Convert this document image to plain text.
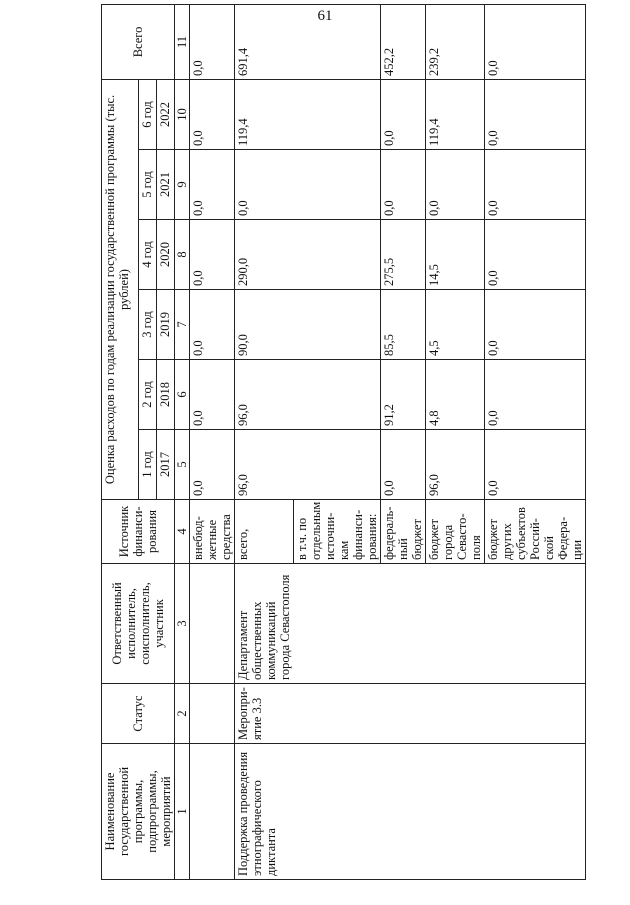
61
Наименование государственной программы, подпрограммы, мероприятий	Статус	Ответственный исполнитель, соисполнитель, участник	Источник финанси-рования	Оценка расходов по годам реализации государственной программы (тыс. рублей)						Всего
				1 год	2 год	3 год	4 год	5 год	6 год	
				2017	2018	2019	2020	2021	2022	
1	2	3	4	5	6	7	8	9	10	11
			внебюд-жетные средства	0,0	0,0	0,0	0,0	0,0	0,0	0,0
Поддержка проведения этнографического диктанта	Меропри-ятие 3.3	Департамент общественных коммуникаций города Севастополя	всего,	96,0	96,0	90,0	290,0	0,0	119,4	691,4
			в т.ч. по отдельным источни-кам финанси-рования:							
			федераль-ный бюджет	0,0	91,2	85,5	275,5	0,0	0,0	452,2
			бюджет города Севасто-поля	96,0	4,8	4,5	14,5	0,0	119,4	239,2
			бюджет других субъектов Россий-ской Федера-ции	0,0	0,0	0,0	0,0	0,0	0,0	0,0
